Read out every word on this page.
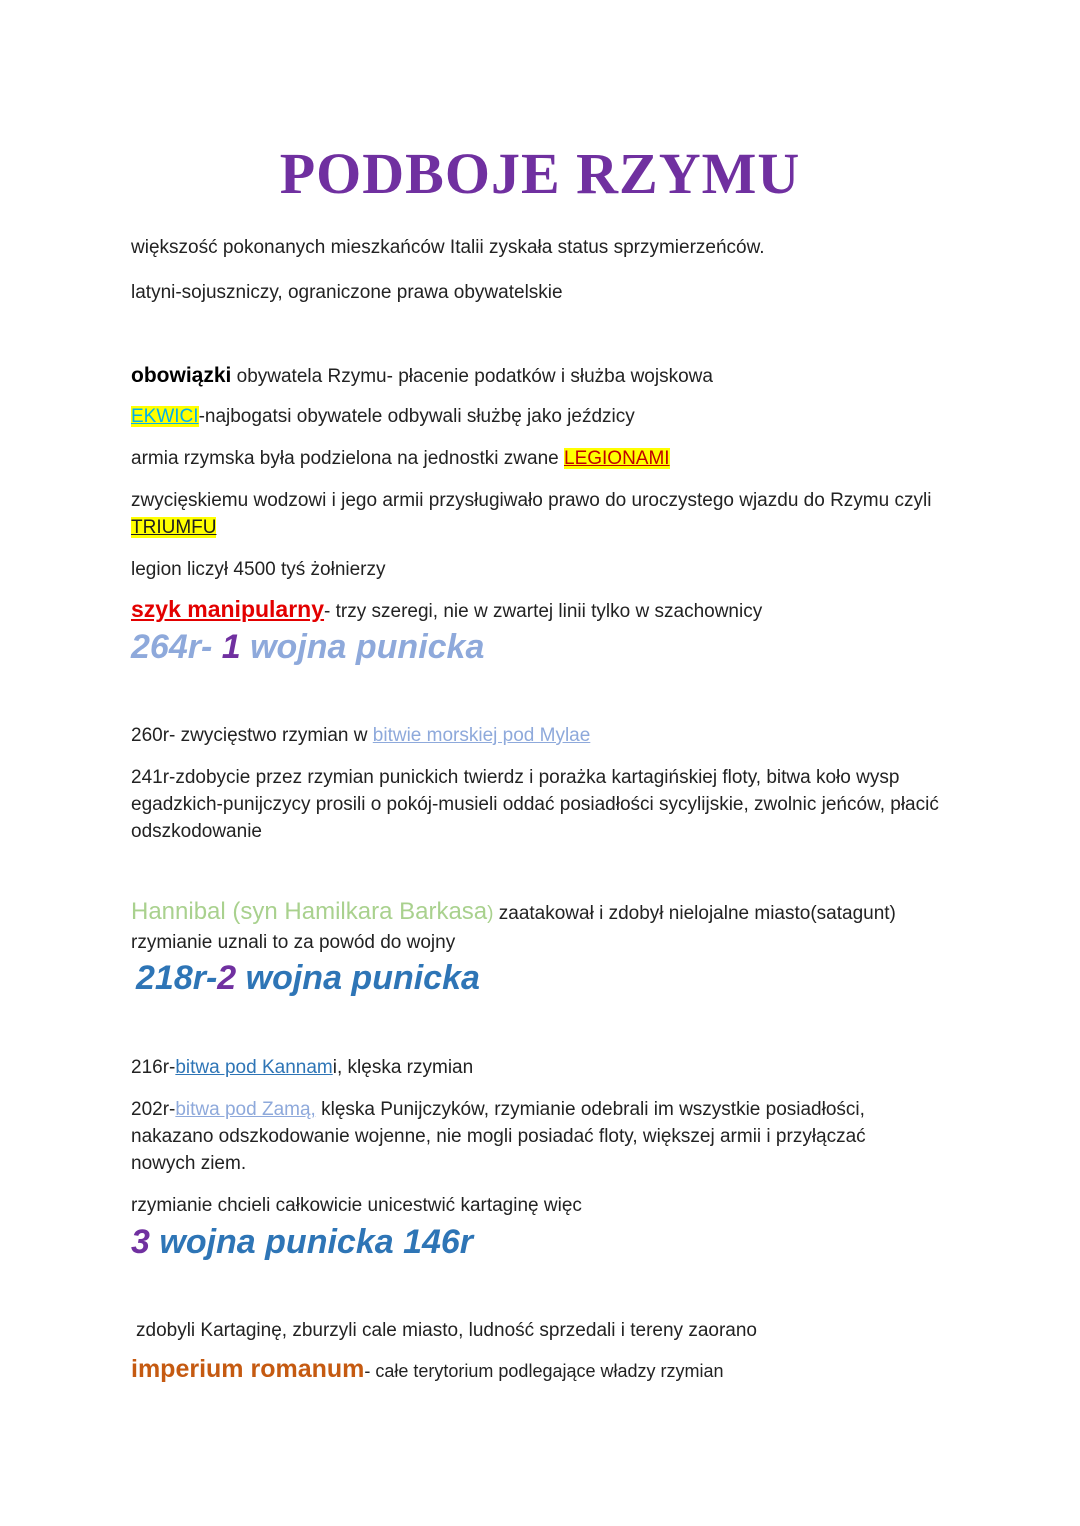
PODBOJE RZYMU
większość pokonanych mieszkańców Italii zyskała status sprzymierzeńców.
latyni-sojuszniczy, ograniczone prawa obywatelskie
obowiązki obywatela Rzymu- płacenie podatków i służba wojskowa
EKWICI-najbogatsi obywatele odbywali służbę jako jeździcy
armia rzymska była podzielona na jednostki zwane LEGIONAMI
zwycięskiemu wodzowi i jego armii przysługiwało prawo do uroczystego wjazdu do Rzymu czyli TRIUMFU
legion liczył 4500 tyś żołnierzy
szyk manipularny- trzy szeregi, nie w zwartej linii tylko w szachownicy
264r- 1 wojna punicka
260r- zwycięstwo rzymian w bitwie morskiej pod Mylae
241r-zdobycie przez rzymian punickich twierdz i porażka kartagińskiej floty, bitwa koło wysp egadzkich-punijczycy prosili o pokój-musieli oddać posiadłości sycylijskie, zwolnic jeńców, płacić odszkodowanie
Hannibal (syn Hamilkara Barkasa) zaatakował i zdobył nielojalne miasto(satagunt)
rzymianie uznali to za powód do wojny
218r-2 wojna punicka
216r-bitwa pod Kannami, klęska rzymian
202r-bitwa pod Zamą, klęska Punijczyków, rzymianie odebrali im wszystkie posiadłości, nakazano odszkodowanie wojenne, nie mogli posiadać floty, większej armii i przyłączać nowych ziem.
rzymianie chcieli całkowicie unicestwić kartaginę więc
3 wojna punicka 146r
zdobyli Kartaginę, zburzyli cale miasto, ludność sprzedali i tereny zaorano
imperium romanum- całe terytorium podlegające władzy rzymian
